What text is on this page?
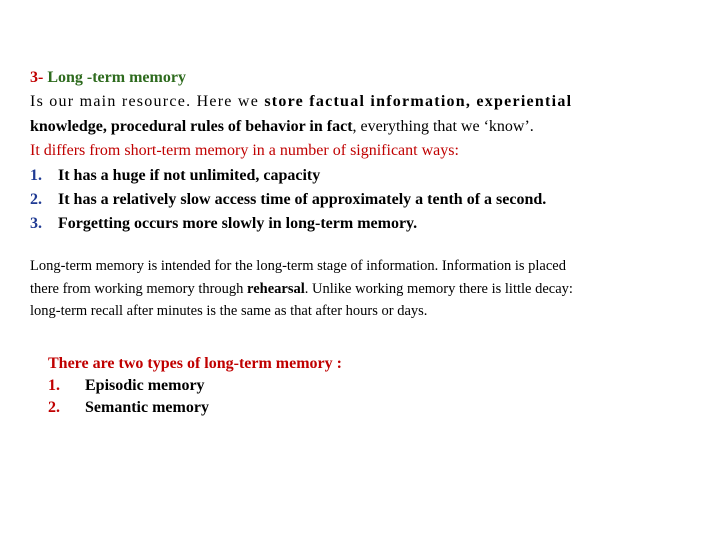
3- Long -term memory
Is our main resource. Here we store factual information, experiential
knowledge, procedural rules of behavior in fact, everything that we ‘know’.
It differs from short-term memory in a number of significant ways:
1. It has a huge if not unlimited, capacity
2. It has a relatively slow access time of approximately a tenth of a second.
3. Forgetting occurs more slowly in long-term memory.
Long-term memory is intended for the long-term stage of information. Information is placed
there from working memory through rehearsal. Unlike working memory there is little decay:
long-term recall after minutes is the same as that after hours or days.
There are two types of long-term memory :
1. Episodic memory
2. Semantic memory
